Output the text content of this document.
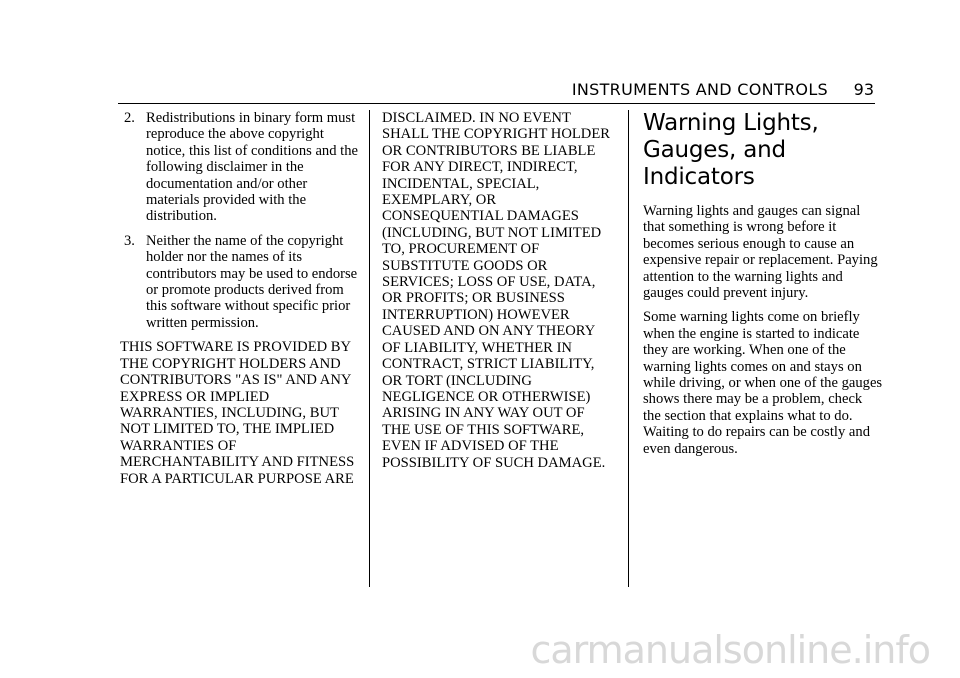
INSTRUMENTS AND CONTROLS 93
2. Redistributions in binary form must reproduce the above copyright notice, this list of conditions and the following disclaimer in the documentation and/or other materials provided with the distribution.
3. Neither the name of the copyright holder nor the names of its contributors may be used to endorse or promote products derived from this software without specific prior written permission.

THIS SOFTWARE IS PROVIDED BY THE COPYRIGHT HOLDERS AND CONTRIBUTORS "AS IS" AND ANY EXPRESS OR IMPLIED WARRANTIES, INCLUDING, BUT NOT LIMITED TO, THE IMPLIED WARRANTIES OF MERCHANTABILITY AND FITNESS FOR A PARTICULAR PURPOSE ARE

DISCLAIMED. IN NO EVENT SHALL THE COPYRIGHT HOLDER OR CONTRIBUTORS BE LIABLE FOR ANY DIRECT, INDIRECT, INCIDENTAL, SPECIAL, EXEMPLARY, OR CONSEQUENTIAL DAMAGES (INCLUDING, BUT NOT LIMITED TO, PROCUREMENT OF SUBSTITUTE GOODS OR SERVICES; LOSS OF USE, DATA, OR PROFITS; OR BUSINESS INTERRUPTION) HOWEVER CAUSED AND ON ANY THEORY OF LIABILITY, WHETHER IN CONTRACT, STRICT LIABILITY, OR TORT (INCLUDING NEGLIGENCE OR OTHERWISE) ARISING IN ANY WAY OUT OF THE USE OF THIS SOFTWARE, EVEN IF ADVISED OF THE POSSIBILITY OF SUCH DAMAGE.

Warning Lights, Gauges, and Indicators

Warning lights and gauges can signal that something is wrong before it becomes serious enough to cause an expensive repair or replacement. Paying attention to the warning lights and gauges could prevent injury.

Some warning lights come on briefly when the engine is started to indicate they are working. When one of the warning lights comes on and stays on while driving, or when one of the gauges shows there may be a problem, check the section that explains what to do. Waiting to do repairs can be costly and even dangerous.

carmanualsonline.info
